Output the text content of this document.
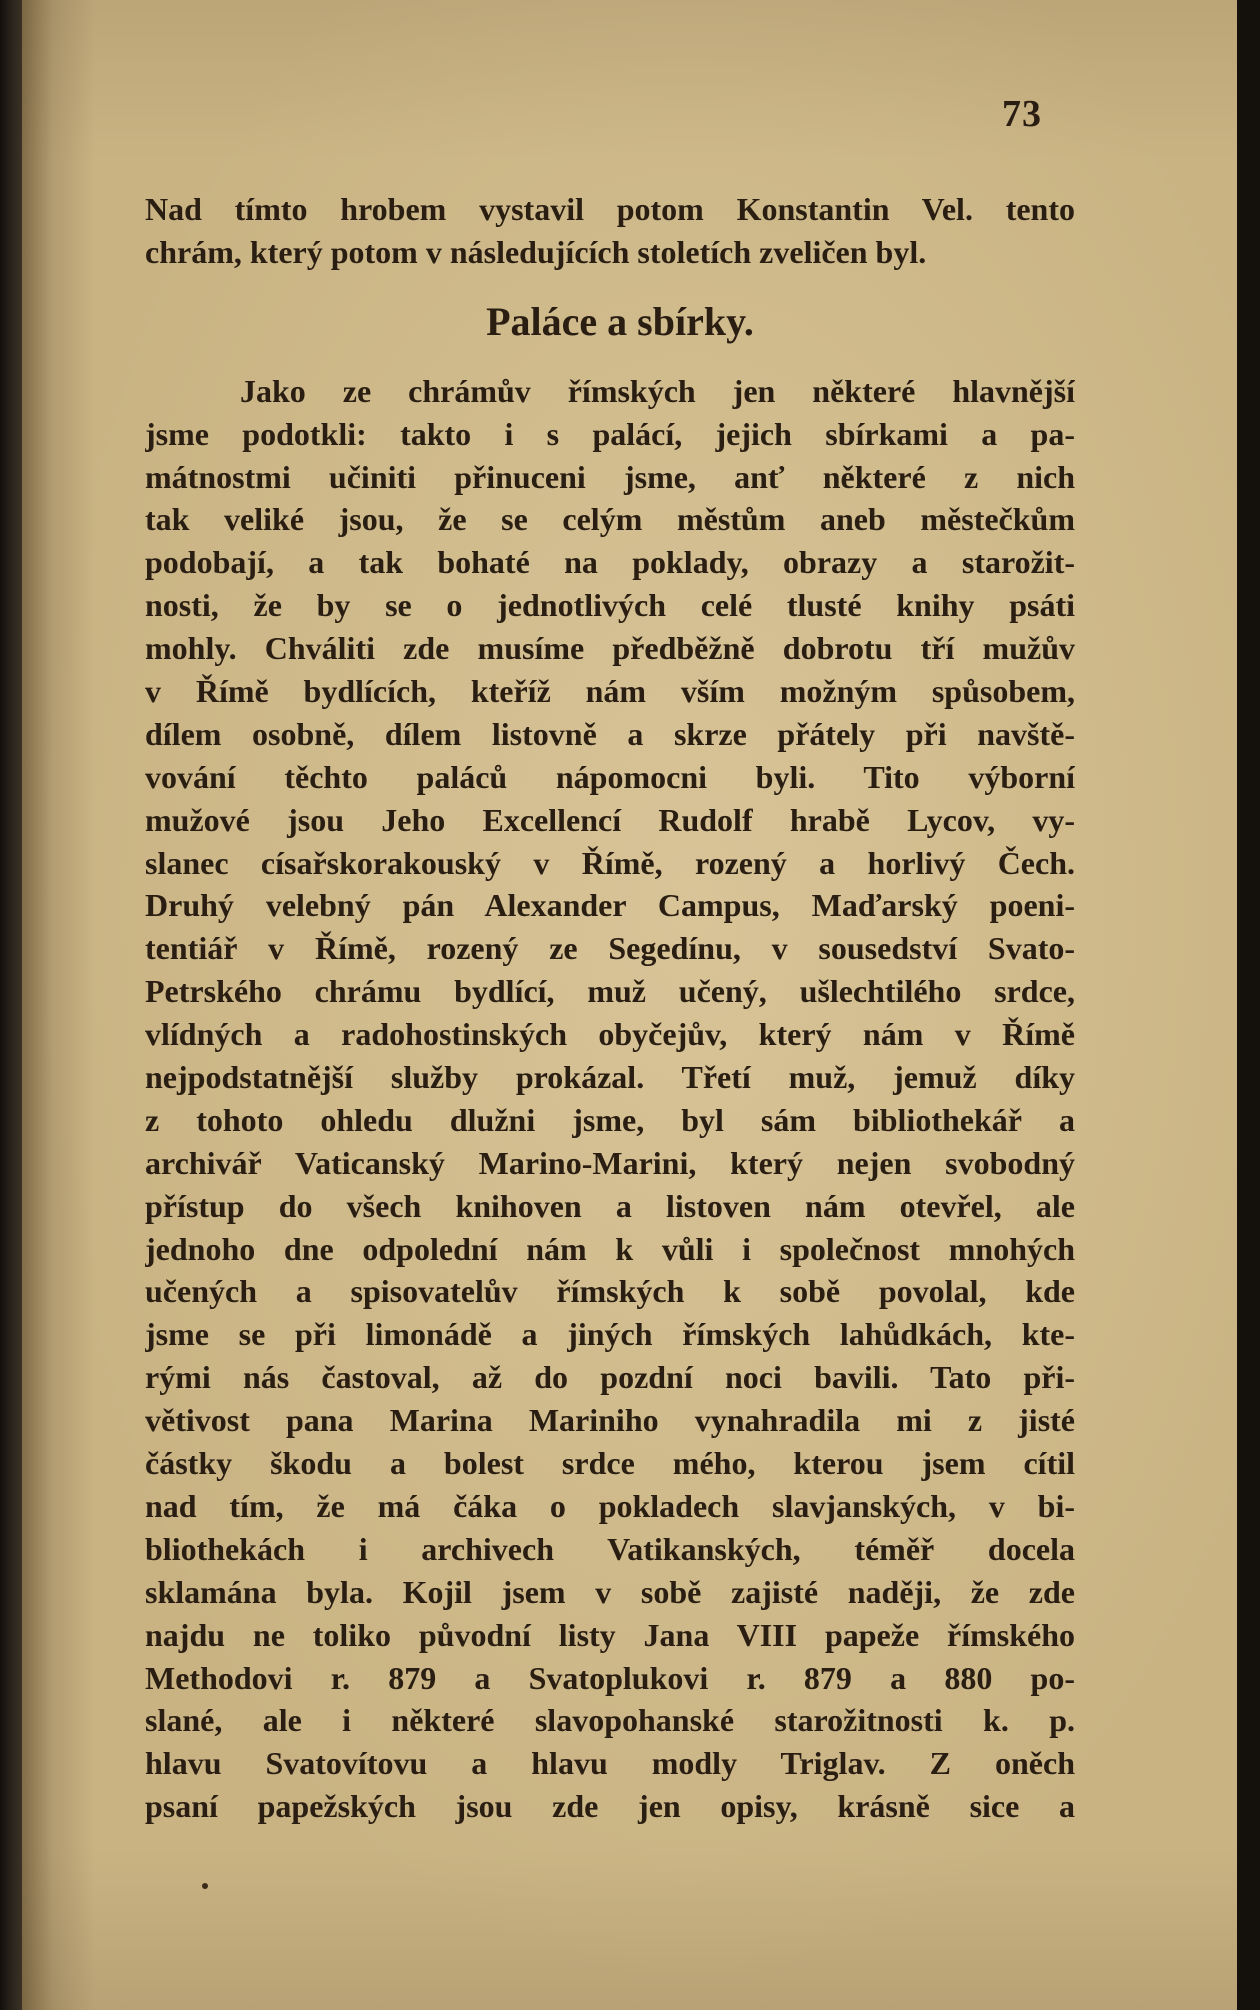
73
Nad tímto hrobem vystavil potom Konstantin Vel. tento
chrám, který potom v následujících stoletích zveličen byl.
Paláce a sbírky.
Jako ze chrámův římských jen některé hlavnější
jsme podotkli: takto i s palácí, jejich sbírkami a pa-
mátnostmi učiniti přinuceni jsme, anť některé z nich
tak veliké jsou, že se celým městům aneb městečkům
podobají, a tak bohaté na poklady, obrazy a starožit-
nosti, že by se o jednotlivých celé tlusté knihy psáti
mohly. Chváliti zde musíme předběžně dobrotu tří mužův
v Římě bydlících, kteříž nám vším možným spůsobem,
dílem osobně, dílem listovně a skrze přátely při navště-
vování těchto paláců nápomocni byli. Tito výborní
mužové jsou Jeho Excellencí Rudolf hrabě Lycov, vy-
slanec císařskorakouský v Římě, rozený a horlivý Čech.
Druhý velebný pán Alexander Campus, Maďarský poeni-
tentiář v Římě, rozený ze Segedínu, v sousedství Svato-
Petrského chrámu bydlící, muž učený, ušlechtilého srdce,
vlídných a radohostinských obyčejův, který nám v Římě
nejpodstatnější služby prokázal. Třetí muž, jemuž díky
z tohoto ohledu dlužni jsme, byl sám bibliothekář a
archivář Vaticanský Marino-Marini, který nejen svobodný
přístup do všech knihoven a listoven nám otevřel, ale
jednoho dne odpolední nám k vůli i společnost mnohých
učených a spisovatelův římských k sobě povolal, kde
jsme se při limonádě a jiných římských lahůdkách, kte-
rými nás častoval, až do pozdní noci bavili. Tato při-
větivost pana Marina Mariniho vynahradila mi z jisté
částky škodu a bolest srdce mého, kterou jsem cítil
nad tím, že má čáka o pokladech slavjanských, v bi-
bliothekách i archivech Vatikanských, téměř docela
sklamána byla. Kojil jsem v sobě zajisté naději, že zde
najdu ne toliko původní listy Jana VIII papeže římského
Methodovi r. 879 a Svatoplukovi r. 879 a 880 po-
slané, ale i některé slavopohanské starožitnosti k. p.
hlavu Svatovítovu a hlavu modly Triglav. Z oněch
psaní papežských jsou zde jen opisy, krásně sice a
